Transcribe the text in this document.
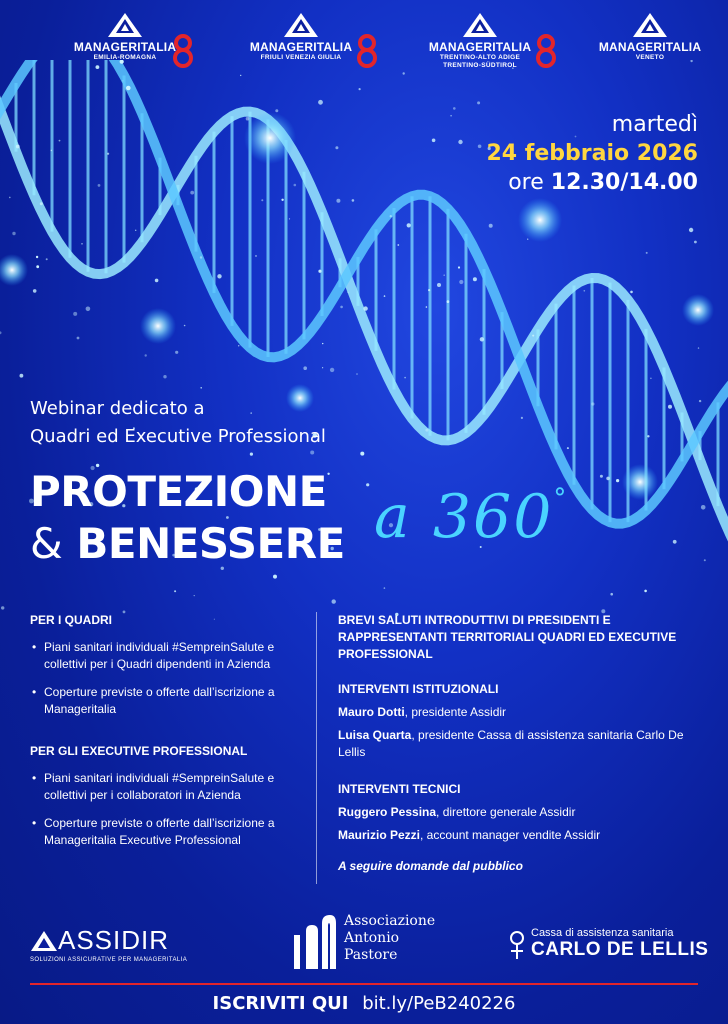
MANAGERITALIA
EMILIA-ROMAGNA
MANAGERITALIA
FRIULI VENEZIA GIULIA
MANAGERITALIA
TRENTINO-ALTO ADIGE
TRENTINO-SÜDTIROL
MANAGERITALIA
VENETO
martedì
24 febbraio 2026
ore 12.30/14.00
Webinar dedicato a
Quadri ed Executive Professional
PROTEZIONE
& BENESSERE a 360°
PER I QUADRI
• Piani sanitari individuali #SempreinSalute e collettivi per i Quadri dipendenti in Azienda
• Coperture previste o offerte dall’iscrizione a Manageritalia
PER GLI EXECUTIVE PROFESSIONAL
• Piani sanitari individuali #SempreinSalute e collettivi per i collaboratori in Azienda
• Coperture previste o offerte dall’iscrizione a Manageritalia Executive Professional
BREVI SALUTI INTRODUTTIVI DI PRESIDENTI E RAPPRESENTANTI TERRITORIALI QUADRI ED EXECUTIVE PROFESSIONAL
INTERVENTI ISTITUZIONALI
Mauro Dotti, presidente Assidir
Luisa Quarta, presidente Cassa di assistenza sanitaria Carlo De Lellis
INTERVENTI TECNICI
Ruggero Pessina, direttore generale Assidir
Maurizio Pezzi, account manager vendite Assidir
A seguire domande dal pubblico
ASSIDIR
SOLUZIONI ASSICURATIVE PER MANAGERITALIA
Associazione
Antonio
Pastore
Cassa di assistenza sanitaria
CARLO DE LELLIS
ISCRIVITI QUI bit.ly/PeB240226
